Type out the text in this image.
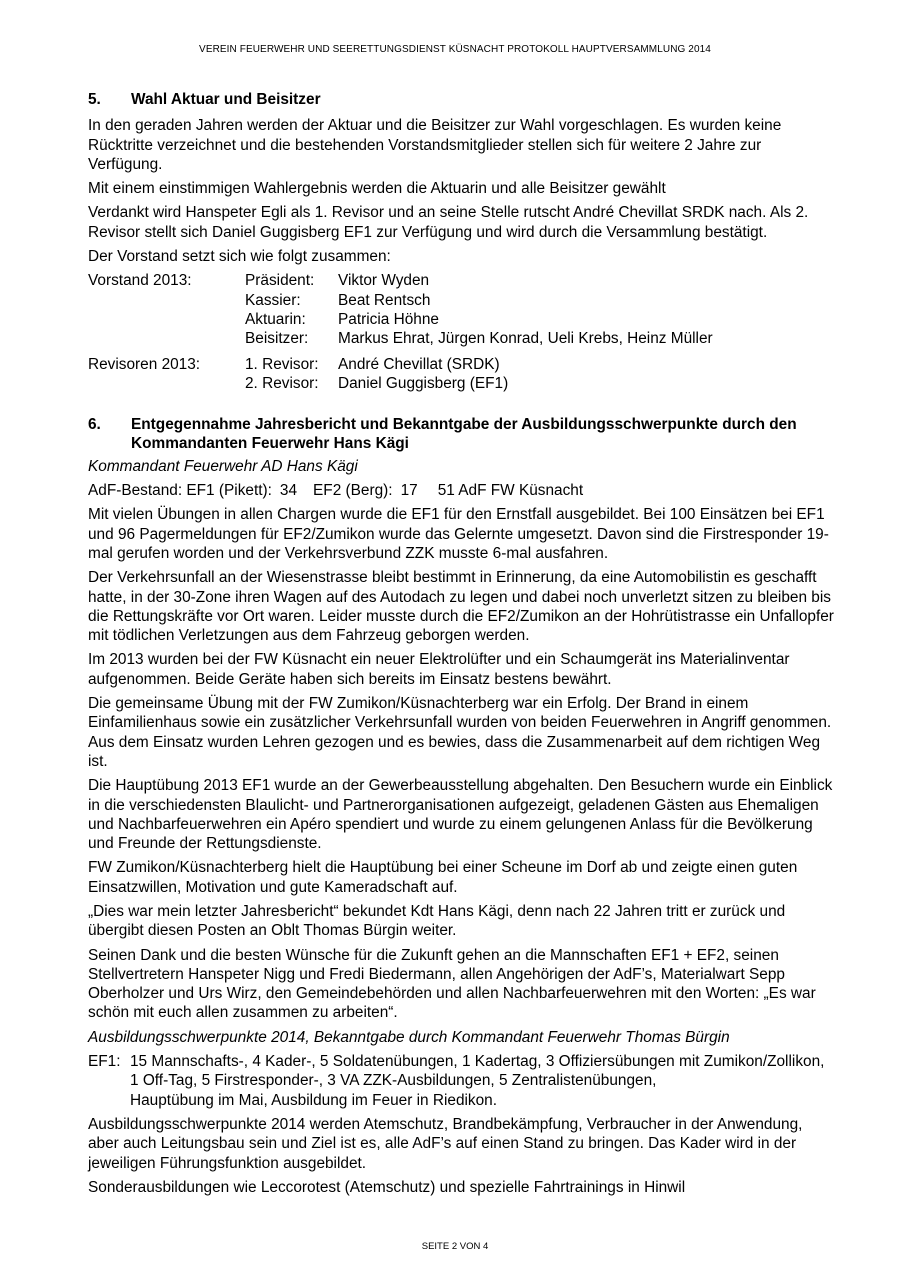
VEREIN FEUERWEHR UND SEERETTUNGSDIENST KÜSNACHT PROTOKOLL HAUPTVERSAMMLUNG 2014
5.	Wahl Aktuar und Beisitzer

In den geraden Jahren werden der Aktuar und die Beisitzer zur Wahl vorgeschlagen. Es wurden keine Rücktritte verzeichnet und die bestehenden Vorstandsmitglieder stellen sich für weitere 2 Jahre zur Verfügung.

Mit einem einstimmigen Wahlergebnis werden die Aktuarin und alle Beisitzer gewählt

Verdankt wird Hanspeter Egli als 1. Revisor und an seine Stelle rutscht André Chevillat SRDK nach. Als 2. Revisor stellt sich Daniel Guggisberg EF1 zur Verfügung und wird durch die Versammlung bestätigt.

Der Vorstand setzt sich wie folgt zusammen:

Vorstand 2013:	Präsident:	Viktor Wyden
Kassier:	Beat Rentsch
Aktuarin:	Patricia Höhne
Beisitzer:	Markus Ehrat, Jürgen Konrad, Ueli Krebs, Heinz Müller
Revisoren 2013:	1. Revisor:	André Chevillat (SRDK)
2. Revisor:	Daniel Guggisberg (EF1)
6.	Entgegennahme Jahresbericht und Bekanntgabe der Ausbildungsschwerpunkte durch den Kommandanten Feuerwehr Hans Kägi

Kommandant Feuerwehr AD Hans Kägi

AdF-Bestand: EF1 (Pikett): 34 EF2 (Berg): 17 51 AdF FW Küsnacht

Mit vielen Übungen in allen Chargen wurde die EF1 für den Ernstfall ausgebildet. Bei 100 Einsätzen bei EF1 und 96 Pagermeldungen für EF2/Zumikon wurde das Gelernte umgesetzt. Davon sind die Firstresponder 19-mal gerufen worden und der Verkehrsverbund ZZK musste 6-mal ausfahren.

Der Verkehrsunfall an der Wiesenstrasse bleibt bestimmt in Erinnerung, da eine Automobilistin es geschafft hatte, in der 30-Zone ihren Wagen auf des Autodach zu legen und dabei noch unverletzt sitzen zu bleiben bis die Rettungskräfte vor Ort waren. Leider musste durch die EF2/Zumikon an der Hohrütistrasse ein Unfallopfer mit tödlichen Verletzungen aus dem Fahrzeug geborgen werden.

Im 2013 wurden bei der FW Küsnacht ein neuer Elektrolüfter und ein Schaumgerät ins Materialinventar aufgenommen. Beide Geräte haben sich bereits im Einsatz bestens bewährt.

Die gemeinsame Übung mit der FW Zumikon/Küsnachterberg war ein Erfolg. Der Brand in einem Einfamilienhaus sowie ein zusätzlicher Verkehrsunfall wurden von beiden Feuerwehren in Angriff genommen. Aus dem Einsatz wurden Lehren gezogen und es bewies, dass die Zusammenarbeit auf dem richtigen Weg ist.

Die Hauptübung 2013 EF1 wurde an der Gewerbeausstellung abgehalten. Den Besuchern wurde ein Einblick in die verschiedensten Blaulicht- und Partnerorganisationen aufgezeigt, geladenen Gästen aus Ehemaligen und Nachbarfeuerwehren ein Apéro spendiert und wurde zu einem gelungenen Anlass für die Bevölkerung und Freunde der Rettungsdienste.

FW Zumikon/Küsnachterberg hielt die Hauptübung bei einer Scheune im Dorf ab und zeigte einen guten Einsatzwillen, Motivation und gute Kameradschaft auf.

„Dies war mein letzter Jahresbericht“ bekundet Kdt Hans Kägi, denn nach 22 Jahren tritt er zurück und übergibt diesen Posten an Oblt Thomas Bürgin weiter.

Seinen Dank und die besten Wünsche für die Zukunft gehen an die Mannschaften EF1 + EF2, seinen Stellvertretern Hanspeter Nigg und Fredi Biedermann, allen Angehörigen der AdF’s, Materialwart Sepp Oberholzer und Urs Wirz, den Gemeindebehörden und allen Nachbarfeuerwehren mit den Worten: „Es war schön mit euch allen zusammen zu arbeiten“.

Ausbildungsschwerpunkte 2014, Bekanntgabe durch Kommandant Feuerwehr Thomas Bürgin

EF1: 15 Mannschafts-, 4 Kader-, 5 Soldatenübungen, 1 Kadertag, 3 Offiziersübungen mit Zumikon/Zollikon, 1 Off-Tag, 5 Firstresponder-, 3 VA ZZK-Ausbildungen, 5 Zentralistenübungen,
Hauptübung im Mai, Ausbildung im Feuer in Riedikon.

Ausbildungsschwerpunkte 2014 werden Atemschutz, Brandbekämpfung, Verbraucher in der Anwendung, aber auch Leitungsbau sein und Ziel ist es, alle AdF’s auf einen Stand zu bringen. Das Kader wird in der jeweiligen Führungsfunktion ausgebildet.

Sonderausbildungen wie Leccorotest (Atemschutz) und spezielle Fahrtrainings in Hinwil

SEITE 2 VON 4
